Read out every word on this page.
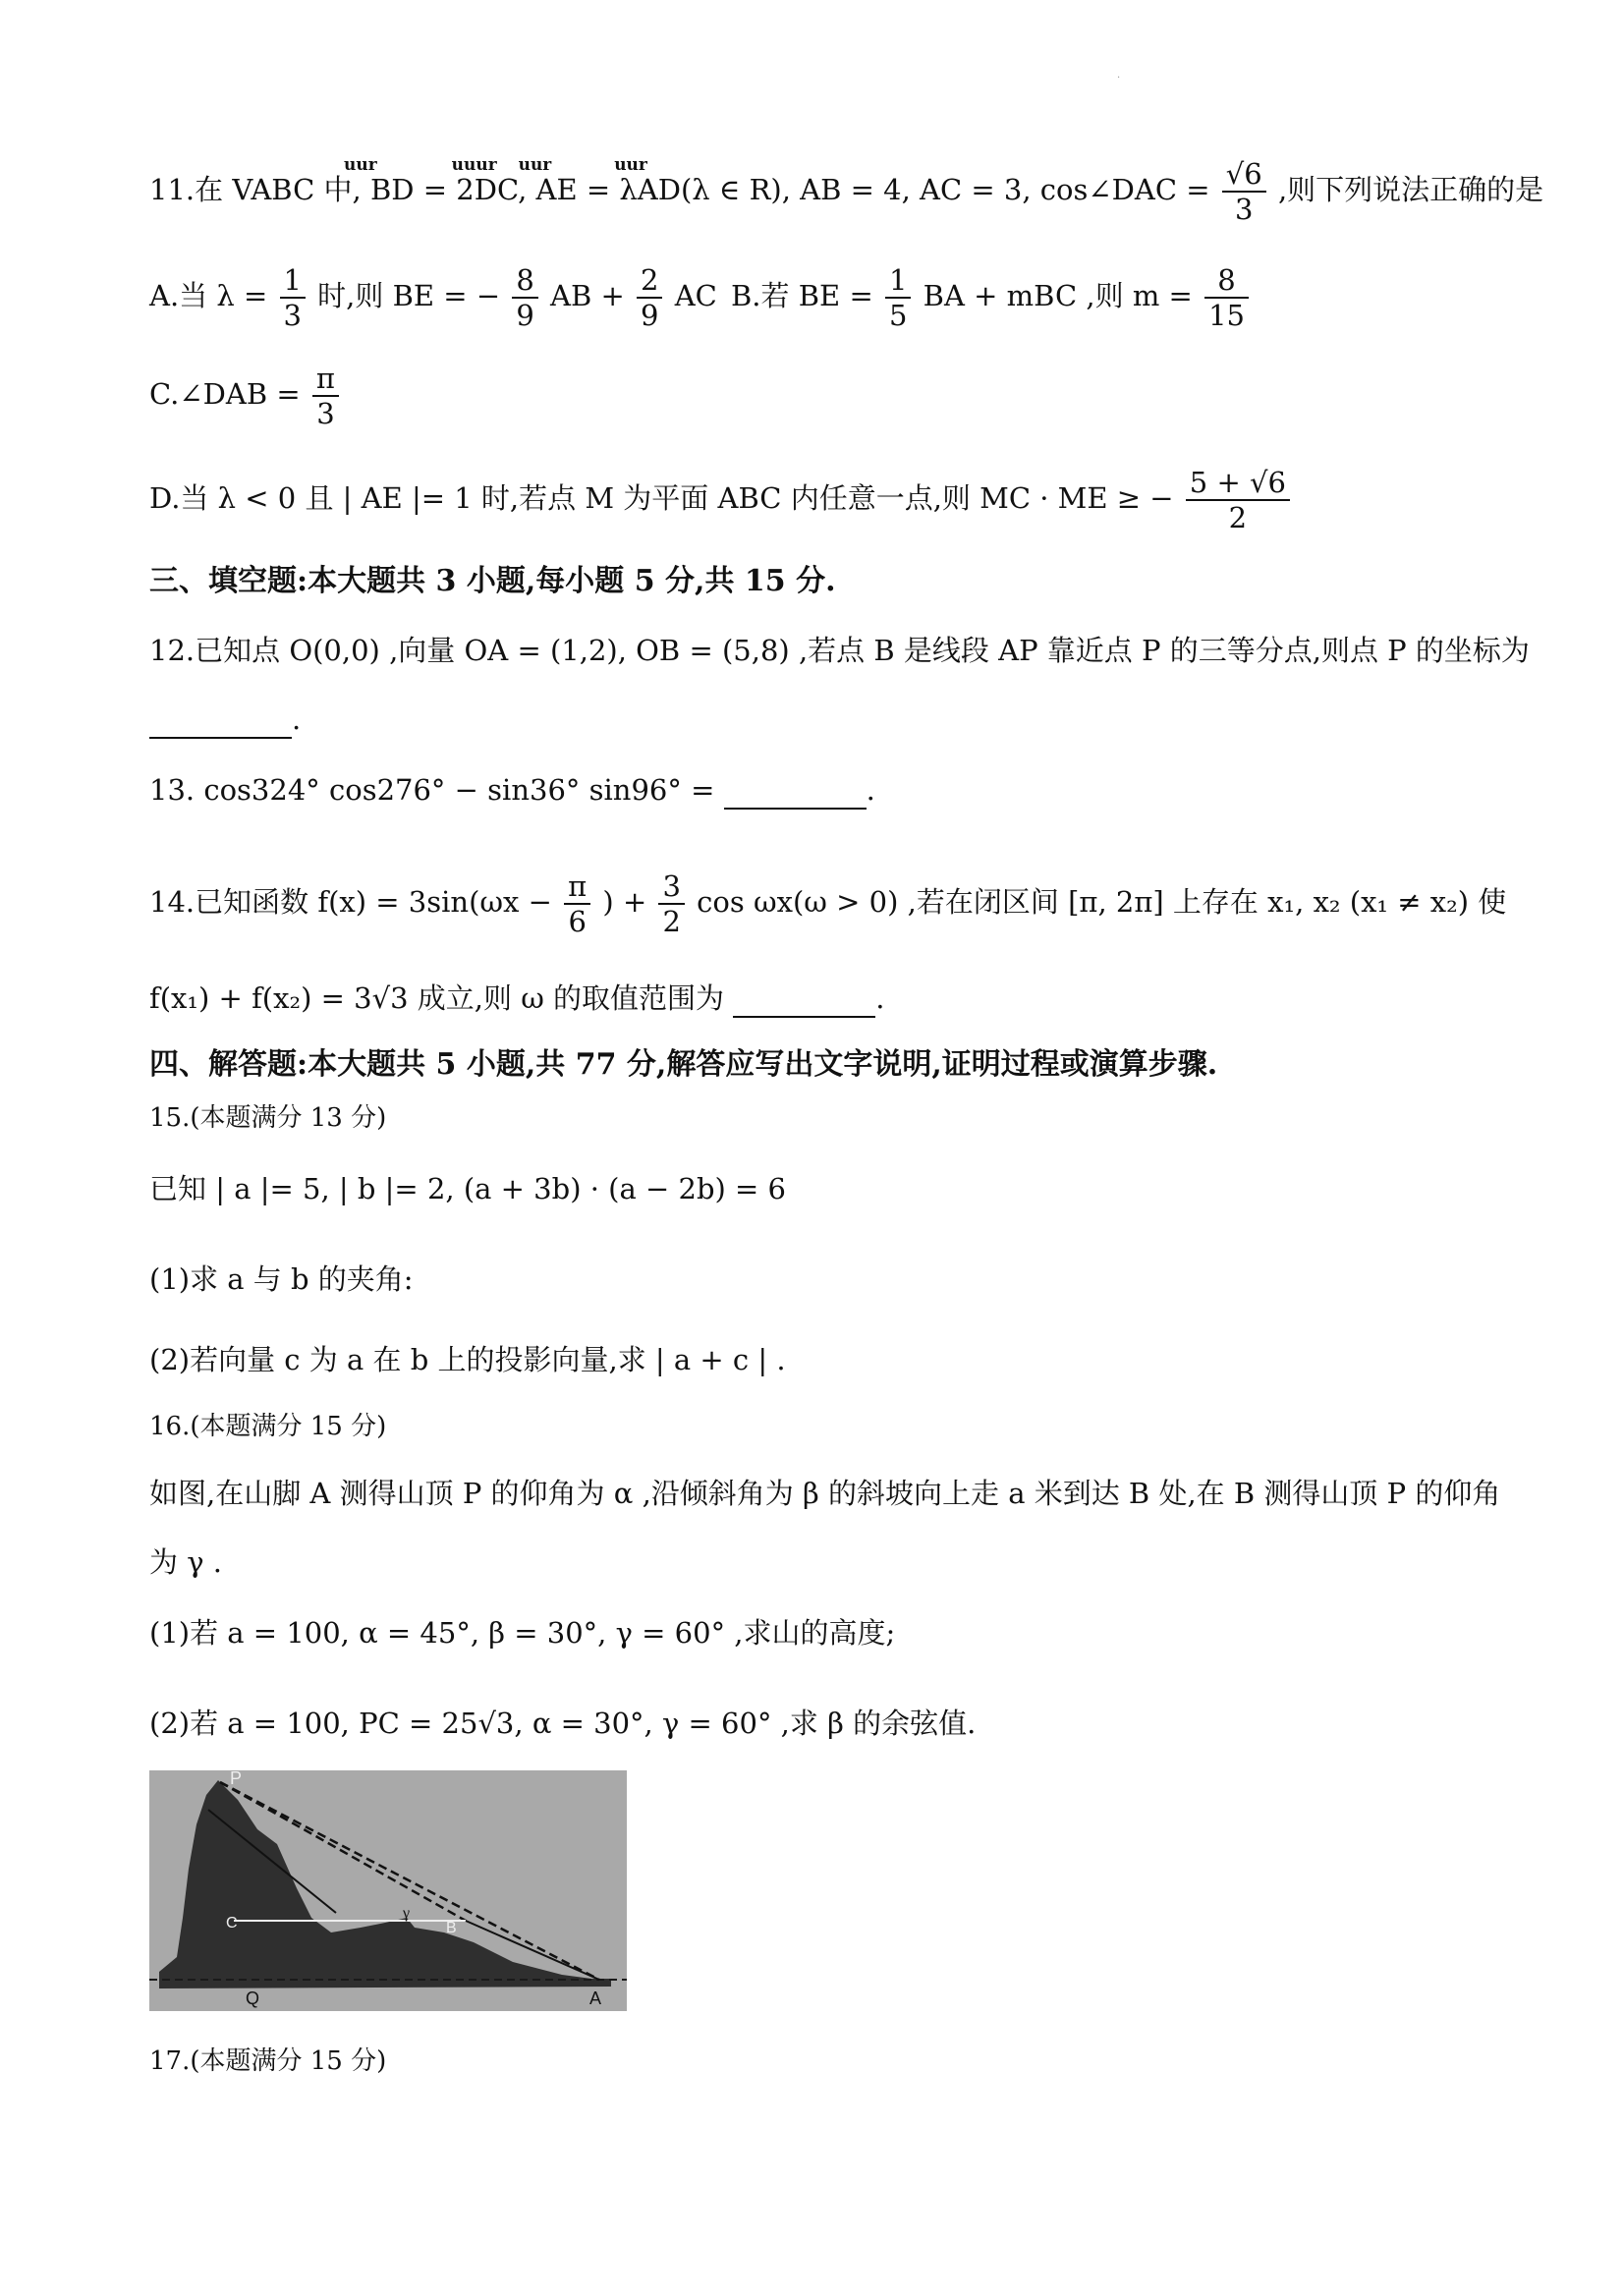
·
11.在 VABC 中, BD = 2DC, AE = λAD(λ ∈ R), AB = 4, AC = 3, cos∠DAC = $\frac{√6}{3}$ ,则下列说法正确的是
uur	uuur uur	uur
A.当 $\lambda = \frac{1}{3}$ 时,则 BE = − $\frac{8}{9}$ AB + $\frac{2}{9}$ AC B.若 BE = $\frac{1}{5}$ BA + mBC ,则 $m = \frac{8}{15}$
C.∠DAB = $\frac{\pi}{3}$
D.当 λ < 0 且 | AE |= 1 时,若点 M 为平面 ABC 内任意一点,则 MC · ME ≥ − $\frac{5 + √6}{2}$
三、填空题:本大题共 3 小题,每小题 5 分,共 15 分.
12.已知点 O(0,0) ,向量 OA = (1,2), OB = (5,8) ,若点 B 是线段 AP 靠近点 P 的三等分点,则点 P 的坐标为
.
13. cos324° cos276° − sin36° sin96° =	.
14.已知函数 $f(x) = 3\sin(\omega x - \frac{\pi}{6}$ ) + $\frac{3}{2}$ cos ωx(ω > 0) ,若在闭区间 [π, 2π] 上存在 x₁, x₂ (x₁ ≠ x₂) 使
f(x₁) + f(x₂) = 3√3 成立,则 ω 的取值范围为	.
四、解答题:本大题共 5 小题,共 77 分,解答应写出文字说明,证明过程或演算步骤.
15.(本题满分 13 分)
已知 | a |= 5, | b |= 2, (a + 3b) · (a − 2b) = 6
(1)求 a 与 b 的夹角:
(2)若向量 c 为 a 在 b 上的投影向量,求 | a + c | .
16.(本题满分 15 分)
如图,在山脚 A 测得山顶 P 的仰角为 α ,沿倾斜角为 β 的斜坡向上走 a 米到达 B 处,在 B 测得山顶 P 的仰角
为 γ .
(1)若 a = 100, α = 45°, β = 30°, γ = 60° ,求山的高度;
(2)若 a = 100, PC = 25√3, α = 30°, γ = 60° ,求 β 的余弦值.
P
Q	A
B
C
γ
17.(本题满分 15 分)
